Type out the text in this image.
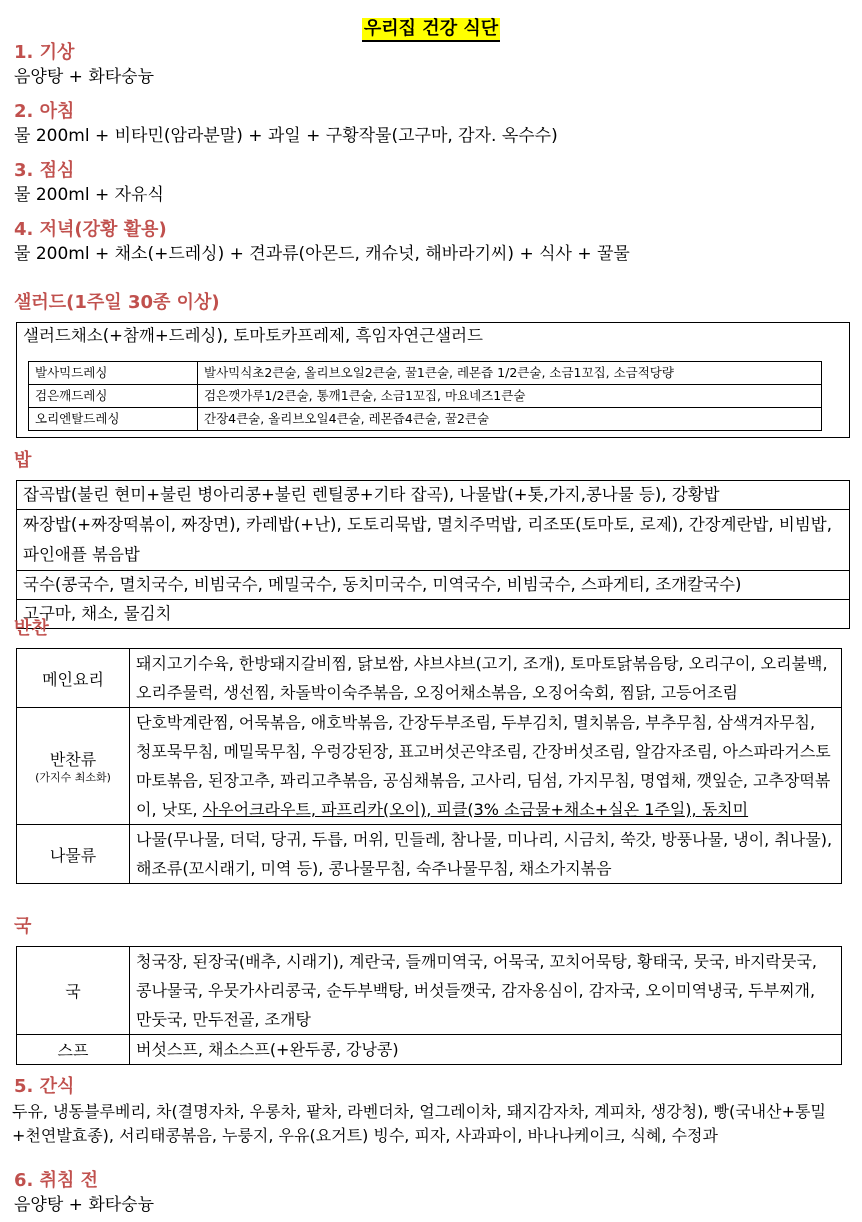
우리집 건강 식단
1. 기상
음양탕 + 화타숭늉
2. 아침
물 200ml + 비타민(암라분말) + 과일 + 구황작물(고구마, 감자. 옥수수)
3. 점심
물 200ml + 자유식
4. 저녁(강황 활용)
물 200ml + 채소(+드레싱) + 견과류(아몬드, 캐슈넛, 해바라기씨) + 식사 + 꿀물
샐러드(1주일 30종 이상)
샐러드채소(+참깨+드레싱), 토마토카프레제, 흑임자연근샐러드
발사믹드레싱	발사믹식초2큰술, 올리브오일2큰술, 꿀1큰술, 레몬즙 1/2큰술, 소금1꼬집, 소금적당량
검은깨드레싱	검은깻가루1/2큰술, 통깨1큰술, 소금1꼬집, 마요네즈1큰술
오리엔탈드레싱	간장4큰술, 올리브오일4큰술, 레몬즙4큰술, 꿀2큰술
밥
잡곡밥(불린 현미+불린 병아리콩+불린 렌틸콩+기타 잡곡), 나물밥(+톳,가지,콩나물 등), 강황밥
짜장밥(+짜장떡볶이, 짜장면), 카레밥(+난), 도토리묵밥, 멸치주먹밥, 리조또(토마토, 로제), 간장계란밥, 비빔밥, 파인애플 볶음밥
국수(콩국수, 멸치국수, 비빔국수, 메밀국수, 동치미국수, 미역국수, 비빔국수, 스파게티, 조개칼국수)
고구마, 채소, 물김치
반찬
메인요리	돼지고기수육, 한방돼지갈비찜, 닭보쌈, 샤브샤브(고기, 조개), 토마토닭볶음탕, 오리구이, 오리불백, 오리주물럭, 생선찜, 차돌박이숙주볶음, 오징어채소볶음, 오징어숙회, 찜닭, 고등어조림
반찬류
(가지수 최소화)	단호박계란찜, 어묵볶음, 애호박볶음, 간장두부조림, 두부김치, 멸치볶음, 부추무침, 삼색겨자무침, 청포묵무침, 메밀묵무침, 우렁강된장, 표고버섯곤약조림, 간장버섯조림, 알감자조림, 아스파라거스토마토볶음, 된장고추, 꽈리고추볶음, 공심채볶음, 고사리, 딤섬, 가지무침, 명엽채, 깻잎순, 고추장떡볶이, 낫또, 사우어크라우트, 파프리카(오이), 피클(3% 소금물+채소+실온 1주일), 동치미
나물류	나물(무나물, 더덕, 당귀, 두릅, 머위, 민들레, 참나물, 미나리, 시금치, 쑥갓, 방풍나물, 냉이, 취나물), 해조류(꼬시래기, 미역 등), 콩나물무침, 숙주나물무침, 채소가지볶음
국
국	청국장, 된장국(배추, 시래기), 계란국, 들깨미역국, 어묵국, 꼬치어묵탕, 황태국, 뭇국, 바지락뭇국, 콩나물국, 우뭇가사리콩국, 순두부백탕, 버섯들깻국, 감자옹심이, 감자국, 오이미역냉국, 두부찌개, 만둣국, 만두전골, 조개탕
스프	버섯스프, 채소스프(+완두콩, 강낭콩)
5. 간식
두유, 냉동블루베리, 차(결명자차, 우롱차, 팥차, 라벤더차, 얼그레이차, 돼지감자차, 계피차, 생강청), 빵(국내산+통밀+천연발효종), 서리태콩볶음, 누룽지, 우유(요거트) 빙수, 피자, 사과파이, 바나나케이크, 식혜, 수정과
6. 취침 전
음양탕 + 화타숭늉
